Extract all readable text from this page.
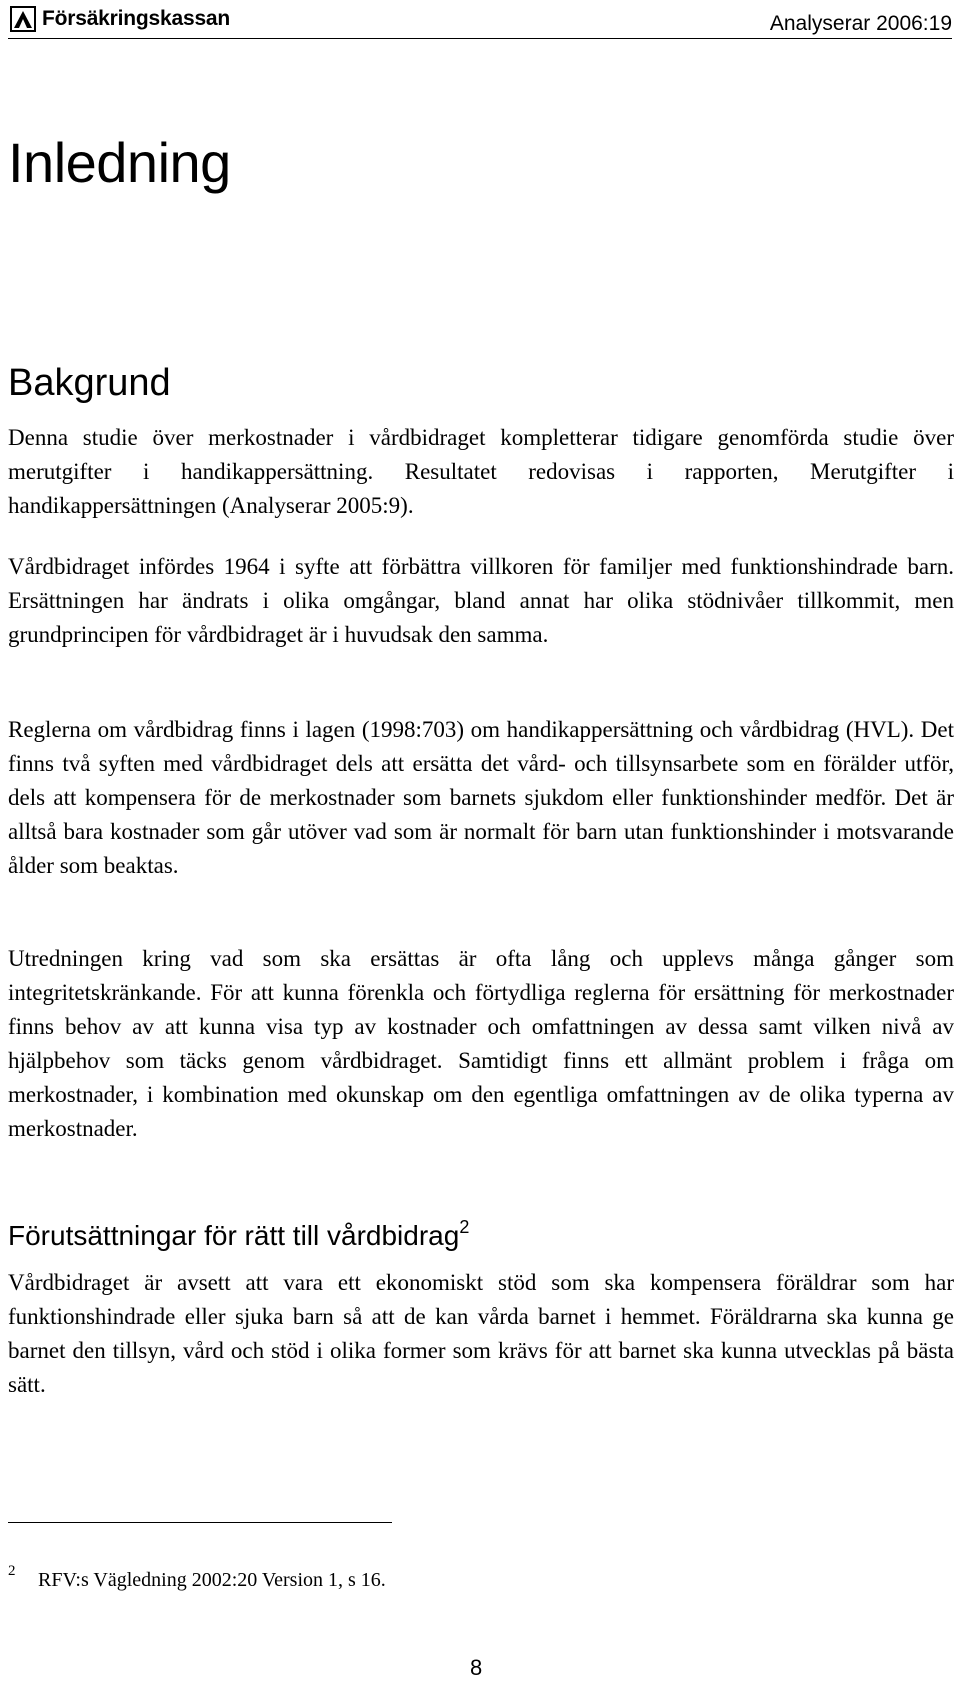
Försäkringskassan	Analyserar 2006:19
Inledning
Bakgrund

Denna studie över merkostnader i vårdbidraget kompletterar tidigare genomförda studie över merutgifter i handikappersättning. Resultatet redovisas i rapporten, Merutgifter i handikappersättningen (Analyserar 2005:9).

Vårdbidraget infördes 1964 i syfte att förbättra villkoren för familjer med funktionshindrade barn. Ersättningen har ändrats i olika omgångar, bland annat har olika stödnivåer tillkommit, men grundprincipen för vårdbidraget är i huvudsak den samma.

Reglerna om vårdbidrag finns i lagen (1998:703) om handikappersättning och vårdbidrag (HVL). Det finns två syften med vårdbidraget dels att ersätta det vård- och tillsynsarbete som en förälder utför, dels att kompensera för de merkostnader som barnets sjukdom eller funktionshinder medför. Det är alltså bara kostnader som går utöver vad som är normalt för barn utan funktionshinder i motsvarande ålder som beaktas.

Utredningen kring vad som ska ersättas är ofta lång och upplevs många gånger som integritetskränkande. För att kunna förenkla och förtydliga reglerna för ersättning för merkostnader finns behov av att kunna visa typ av kostnader och omfattningen av dessa samt vilken nivå av hjälpbehov som täcks genom vårdbidraget. Samtidigt finns ett allmänt problem i fråga om merkostnader, i kombination med okunskap om den egentliga omfattningen av de olika typerna av merkostnader.

Förutsättningar för rätt till vårdbidrag$^2$

Vårdbidraget är avsett att vara ett ekonomiskt stöd som ska kompensera föräldrar som har funktionshindrade eller sjuka barn så att de kan vårda barnet i hemmet. Föräldrarna ska kunna ge barnet den tillsyn, vård och stöd i olika former som krävs för att barnet ska kunna utvecklas på bästa sätt.

2	RFV:s Vägledning 2002:20 Version 1, s 16.
8
